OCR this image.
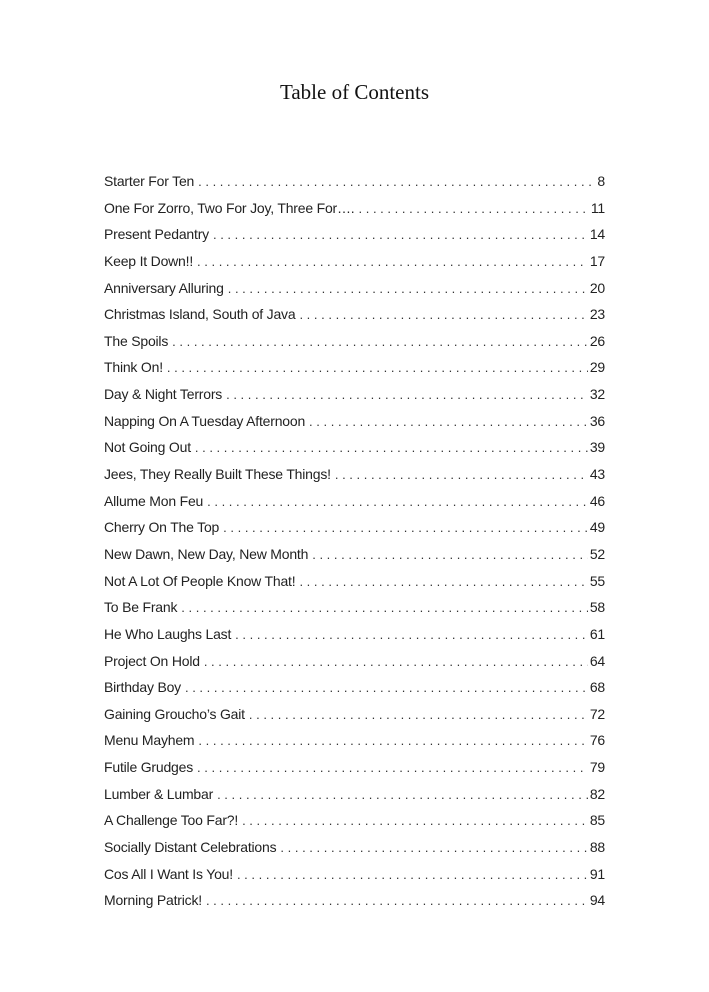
Table of Contents
Starter For Ten . . .	8
One For Zorro, Two For Joy, Three For…. . . .	11
Present Pedantry . . .	14
Keep It Down!! . . .	17
Anniversary Alluring . . .	20
Christmas Island, South of Java . . .	23
The Spoils . . .	26
Think On! . . .	29
Day & Night Terrors . . .	32
Napping On A Tuesday Afternoon . . .	36
Not Going Out . . .	39
Jees, They Really Built These Things! . . .	43
Allume Mon Feu . . .	46
Cherry On The Top . . .	49
New Dawn, New Day, New Month . . .	52
Not A Lot Of People Know That! . . .	55
To Be Frank . . .	58
He Who Laughs Last . . .	61
Project On Hold . . .	64
Birthday Boy . . .	68
Gaining Groucho’s Gait . . .	72
Menu Mayhem . . .	76
Futile Grudges . . .	79
Lumber & Lumbar . . .	82
A Challenge Too Far?! . . .	85
Socially Distant Celebrations . . .	88
Cos All I Want Is You! . . .	91
Morning Patrick! . . .	94
